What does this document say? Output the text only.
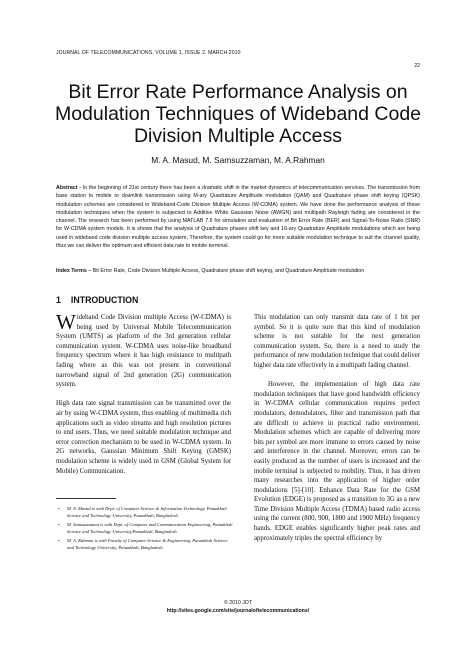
JOURNAL OF TELECOMMUNICATIONS, VOLUME 1, ISSUE 2, MARCH 2010
22
Bit Error Rate Performance Analysis on Modulation Techniques of Wideband Code Division Multiple Access
M. A. Masud, M. Samsuzzaman, M. A.Rahman
Abstract - In the beginning of 21st century there has been a dramatic shift in the market dynamics of telecommunication services. The transmission from base station to mobile or downlink transmission using M-ary Quadrature Amplitude modulation (QAM) and Quadrature phase shift keying (QPSK) modulation schemes are considered in Wideband-Code Division Multiple Access (W-CDMA) system. We have done the performance analysis of these modulation techniques when the system is subjected to Additive White Gaussian Noise (AWGN) and multipath Rayleigh fading are considered in the channel. The research has been performed by using MATLAB 7.6 for simulation and evaluation of Bit Error Rate (BER) and Signal-To-Noise Ratio (SNR) for W-CDMA system models. It is shows that the analysis of Quadrature phases shift key and 16-ary Quadrature Amplitude modulations which are being used in wideband code division multiple access system, Therefore, the system could go for more suitable modulation technique to suit the channel quality, thus we can deliver the optimum and efficient data rate to mobile terminal.
Index Terms – Bit Error Rate, Code Division Multiple Access, Quadrature phase shift keying, and Quadrature Amplitude modulation
1 INTRODUCTION

Wideband Code Division multiple Access (W-CDMA) is being used by Universal Mobile Telecommunication System (UMTS) as platform of the 3rd generation cellular communication system. W-CDMA uses noise-like broadband frequency spectrum where it has high resistance to multipath fading where as this was not present in conventional narrowband signal of 2nd generation (2G) communication system.

High data rate signal transmission can be transmitted over the air by using W-CDMA system, thus enabling of multimedia rich applications such as video streams and high resolution pictures to end users. Thus, we need suitable modulation technique and error correction mechanism to be used in W-CDMA system. In 2G networks, Gaussian Minimum Shift Keying (GMSK) modulation scheme is widely used in GSM (Global System for Mobile) Communication.

This modulation can only transmit data rate of 1 bit per symbol. So it is quite sure that this kind of modulation scheme is not suitable for the next generation communication system. So, there is a need to study the performance of new modulation technique that could deliver higher data rate effectively in a multipath fading channel.

However, the implementation of high data rate modulation techniques that have good bandwidth efficiency in W-CDMA cellular communication requires perfect modulators, demodulators, filter and transmission path that are difficult to achieve in practical radio environment. Modulation schemes which are capable of delivering more bits per symbol are more immune to errors caused by noise and interference in the channel. Moreover, errors can be easily produced as the number of users is increased and the mobile terminal is subjected to mobility. Thus, it has driven many researches into the application of higher order modulations [5]-[10]. Enhance Data Rate for the GSM Evolution (EDGE) is proposed as a transition to 3G as a new Time Division Multiple Access (TDMA) based radio access using the current (800, 900, 1800 and 1900 MHz) frequency bands. EDGE enables significantly higher peak rates and approximately triples the spectral efficiency by

• M. A. Masud is with Dept. of Computer Science & Information Technology, Patuakhali Science and Technology University, Patuakhali, Bangladesh.
• M. Samsuzzaman is with Dept. of Computer and Communication Engineering, Patuakhali Science and Technology University,Patuakhali, Bangladesh.
• M. A. Rahman is with Faculty of Computer Science & Engineering, Patuakhali Science and Technology University, Patuakhali, Bangladesh.
© 2010 JOT
http://sites.google.com/site/journaloftelecommunications/
